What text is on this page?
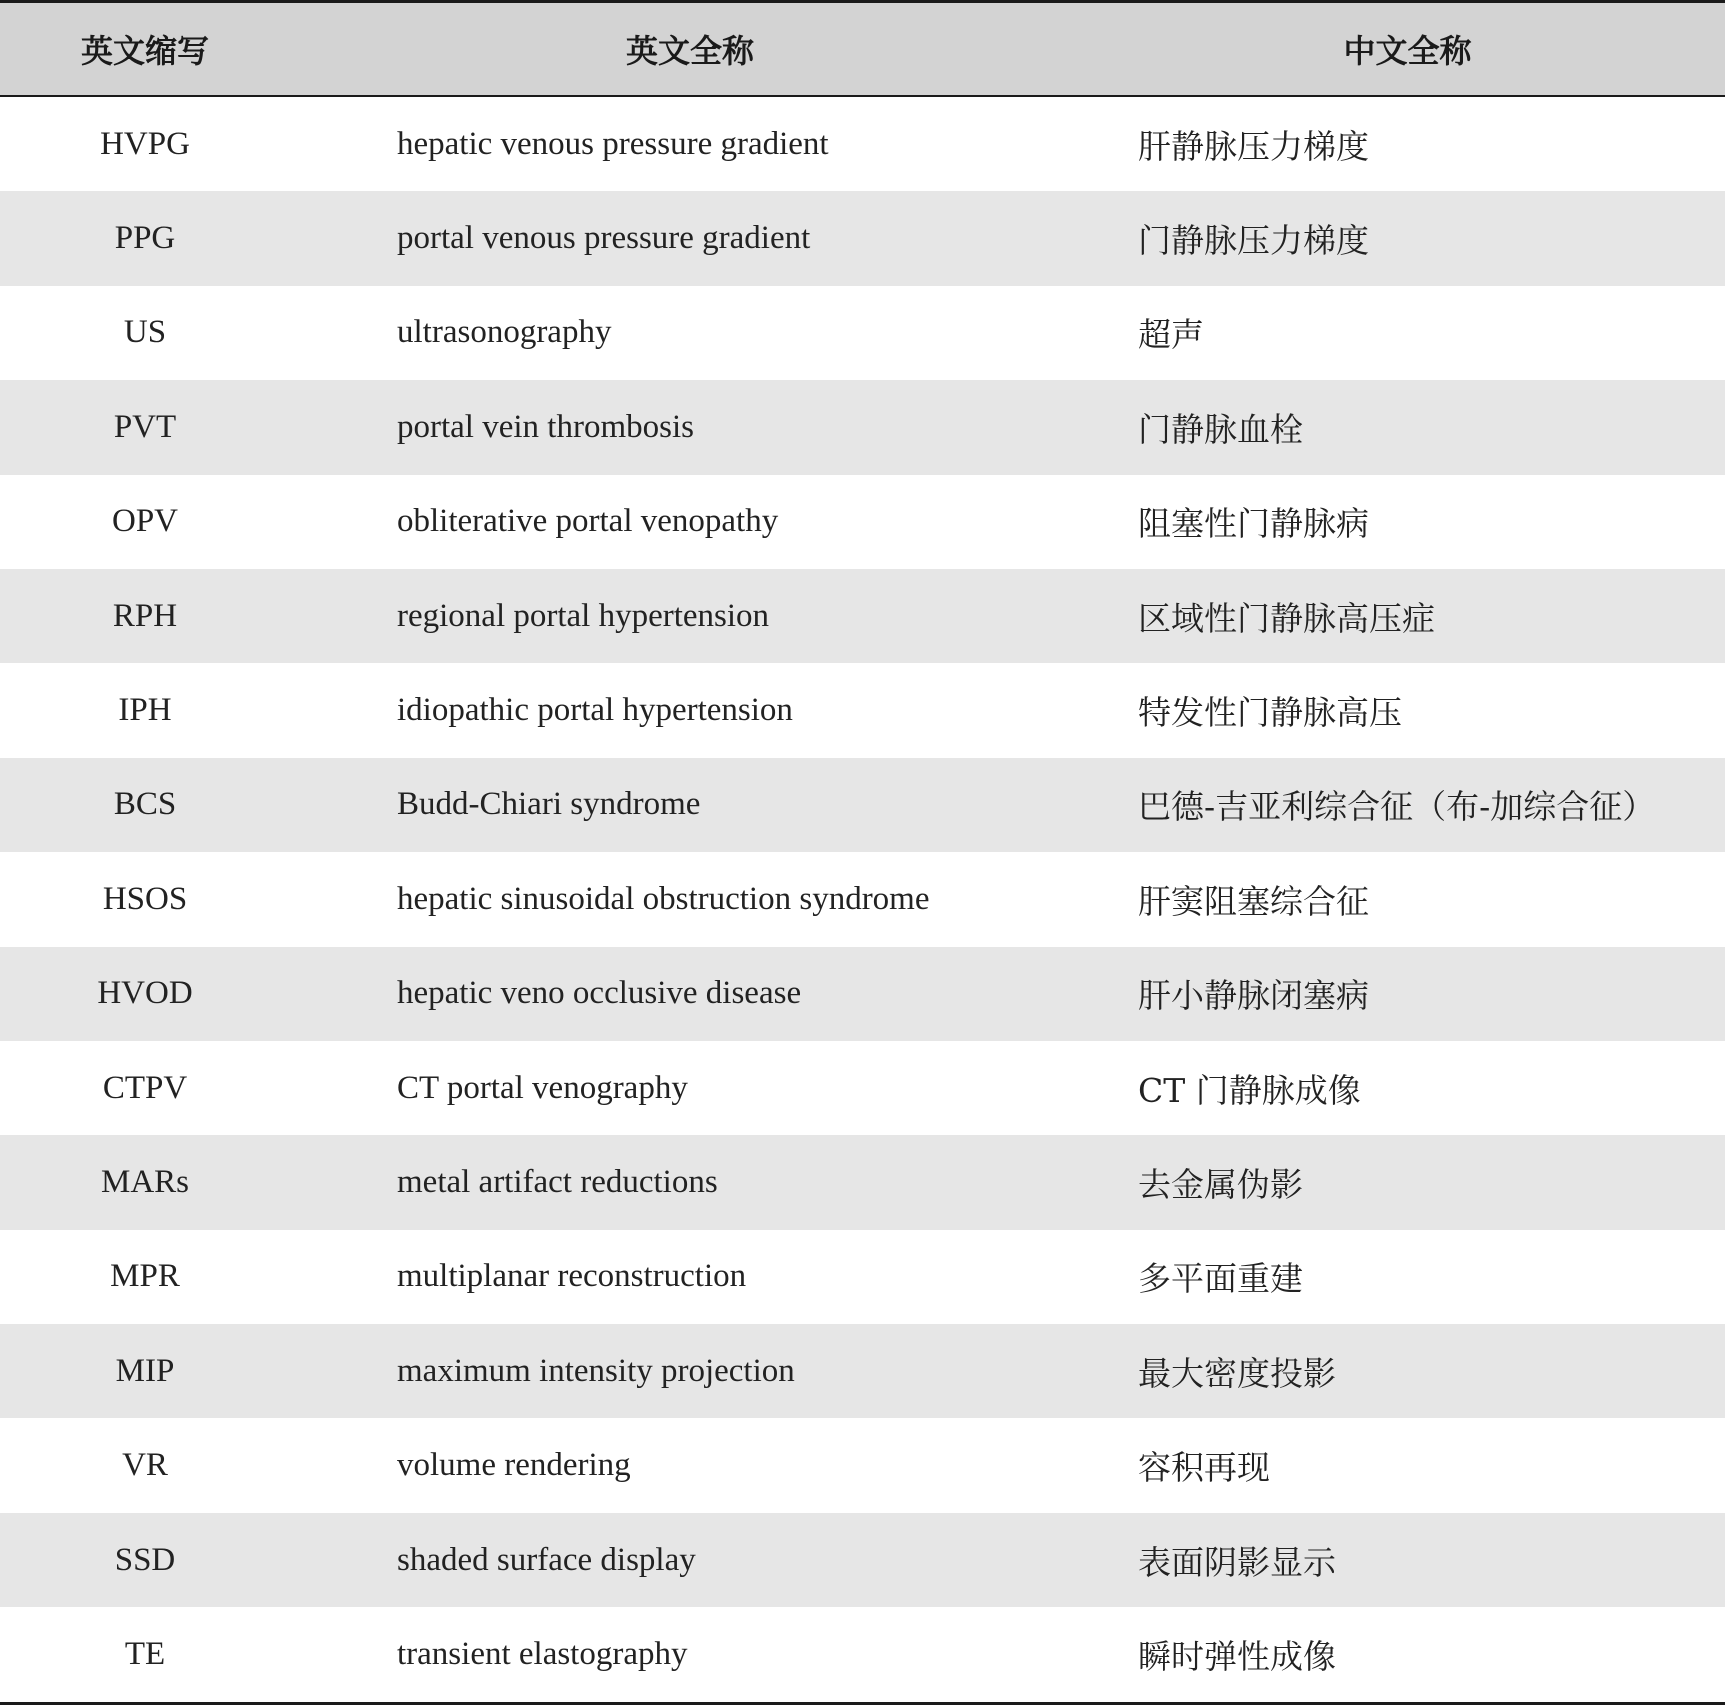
英文缩写	英文全称	中文全称
HVPG	hepatic venous pressure gradient	肝静脉压力梯度
PPG	portal venous pressure gradient	门静脉压力梯度
US	ultrasonography	超声
PVT	portal vein thrombosis	门静脉血栓
OPV	obliterative portal venopathy	阻塞性门静脉病
RPH	regional portal hypertension	区域性门静脉高压症
IPH	idiopathic portal hypertension	特发性门静脉高压
BCS	Budd-Chiari syndrome	巴德-吉亚利综合征（布-加综合征）
HSOS	hepatic sinusoidal obstruction syndrome	肝窦阻塞综合征
HVOD	hepatic veno occlusive disease	肝小静脉闭塞病
CTPV	CT portal venography	CT 门静脉成像
MARs	metal artifact reductions	去金属伪影
MPR	multiplanar reconstruction	多平面重建
MIP	maximum intensity projection	最大密度投影
VR	volume rendering	容积再现
SSD	shaded surface display	表面阴影显示
TE	transient elastography	瞬时弹性成像
